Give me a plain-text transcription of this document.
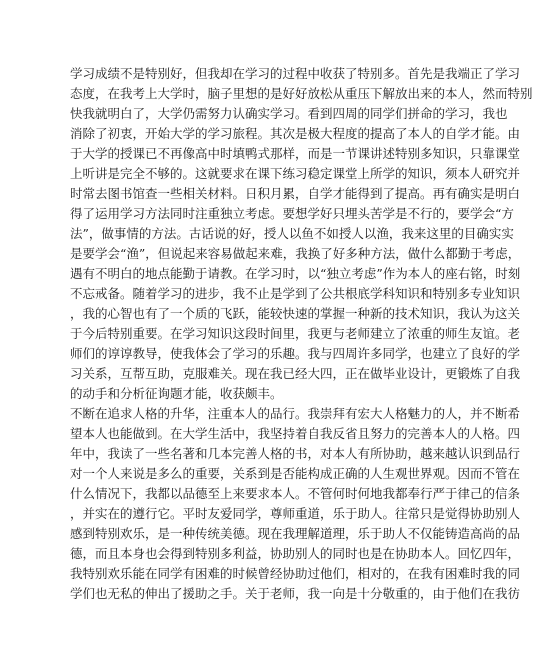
学习成绩不是特别好，但我却在学习的过程中收获了特别多。首先是我端正了学习
态度，在我考上大学时，脑子里想的是好好放松从重压下解放出来的本人，然而特别
快我就明白了，大学仍需努力认确实学习。看到四周的同学们拼命的学习，我也
消除了初衷，开始大学的学习旅程。其次是极大程度的提高了本人的自学才能。由
于大学的授课已不再像高中时填鸭式那样，而是一节课讲述特别多知识，只靠课堂
上听讲是完全不够的。这就要求在课下练习稳定课堂上所学的知识，须本人研究并
时常去图书馆查一些相关材料。日积月累，自学才能得到了提高。再有确实是明白
得了运用学习方法同时注重独立考虑。要想学好只埋头苦学是不行的，要学会“方
法”，做事情的方法。古话说的好，授人以鱼不如授人以渔，我来这里的目确实实
是要学会“渔”，但说起来容易做起来难，我换了好多种方法，做什么都勤于考虑，
遇有不明白的地点能勤于请教。在学习时，以“独立考虑”作为本人的座右铭，时刻
不忘戒备。随着学习的进步，我不止是学到了公共根底学科知识和特别多专业知识
，我的心智也有了一个质的飞跃，能较快速的掌握一种新的技术知识，我认为这关
于今后特别重要。在学习知识这段时间里，我更与老师建立了浓重的师生友谊。老
师们的谆谆教导，使我体会了学习的乐趣。我与四周许多同学，也建立了良好的学
习关系，互帮互助，克服难关。现在我已经大四，正在做毕业设计，更锻炼了自我
的动手和分析征询题才能，收获颇丰。
不断在追求人格的升华，注重本人的品行。我崇拜有宏大人格魅力的人，并不断希
望本人也能做到。在大学生活中，我坚持着自我反省且努力的完善本人的人格。四
年中，我读了一些名著和几本完善人格的书，对本人有所协助，越来越认识到品行
对一个人来说是多么的重要，关系到是否能构成正确的人生观世界观。因而不管在
什么情况下，我都以品德至上来要求本人。不管何时何地我都奉行严于律己的信条
，并实在的遵行它。平时友爱同学，尊师重道，乐于助人。往常只是觉得协助别人
感到特别欢乐，是一种传统美德。现在我理解道理，乐于助人不仅能铸造高尚的品
德，而且本身也会得到特别多利益，协助别人的同时也是在协助本人。回忆四年，
我特别欢乐能在同学有困难的时候曾经协助过他们，相对的，在我有困难时我的同
学们也无私的伸出了援助之手。关于老师，我一向是十分敬重的，由于他们在我彷
